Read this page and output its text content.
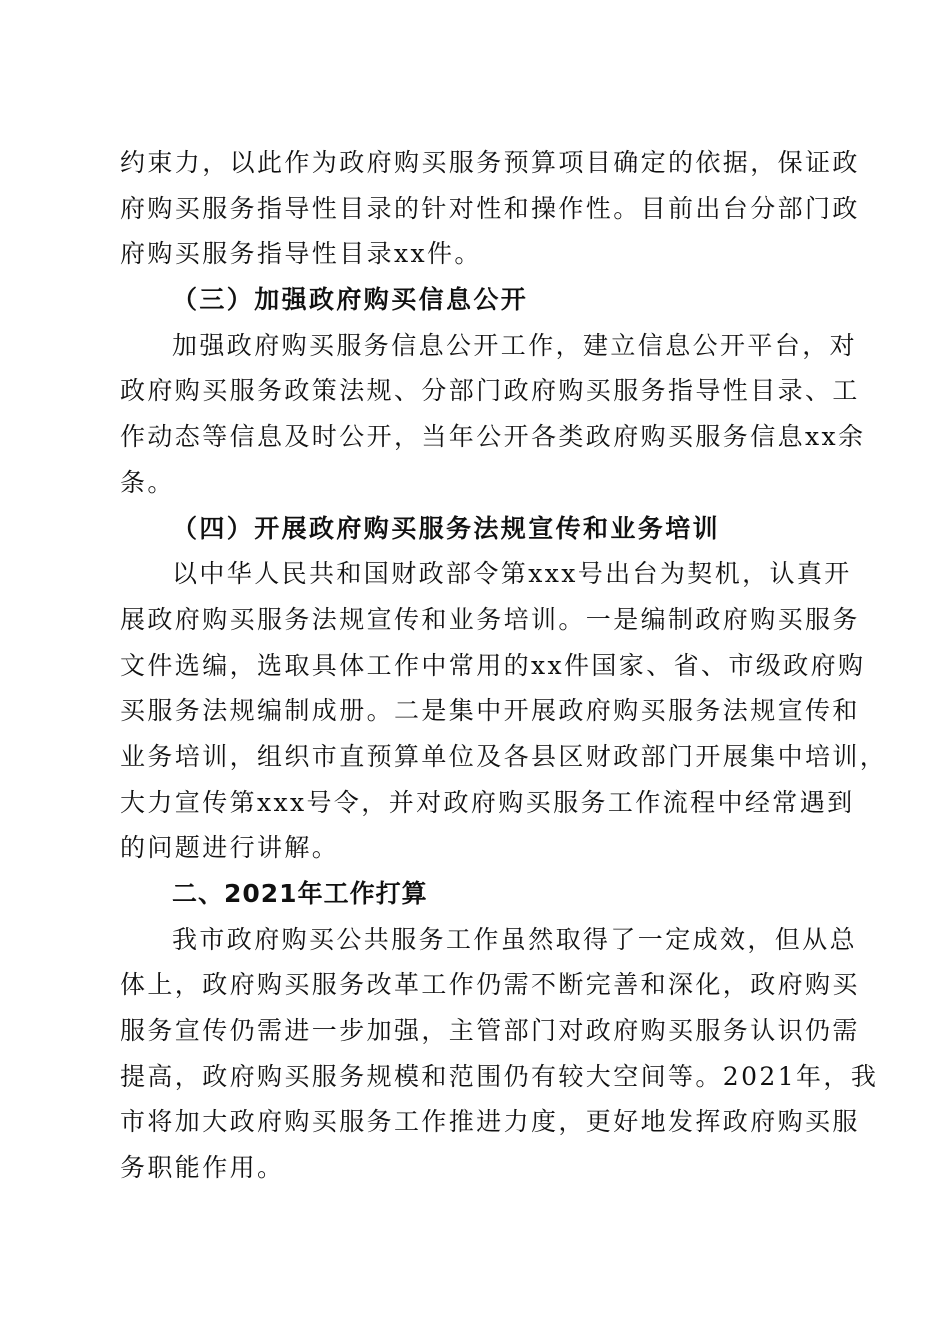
约束力，以此作为政府购买服务预算项目确定的依据，保证政
府购买服务指导性目录的针对性和操作性。目前出台分部门政
府购买服务指导性目录xx件。
（三）加强政府购买信息公开
加强政府购买服务信息公开工作，建立信息公开平台，对
政府购买服务政策法规、分部门政府购买服务指导性目录、工
作动态等信息及时公开，当年公开各类政府购买服务信息xx余
条。
（四）开展政府购买服务法规宣传和业务培训
以中华人民共和国财政部令第xxx号出台为契机，认真开
展政府购买服务法规宣传和业务培训。一是编制政府购买服务
文件选编，选取具体工作中常用的xx件国家、省、市级政府购
买服务法规编制成册。二是集中开展政府购买服务法规宣传和
业务培训，组织市直预算单位及各县区财政部门开展集中培训，
大力宣传第xxx号令，并对政府购买服务工作流程中经常遇到
的问题进行讲解。
二、2021年工作打算
我市政府购买公共服务工作虽然取得了一定成效，但从总
体上，政府购买服务改革工作仍需不断完善和深化，政府购买
服务宣传仍需进一步加强，主管部门对政府购买服务认识仍需
提高，政府购买服务规模和范围仍有较大空间等。2021年，我
市将加大政府购买服务工作推进力度，更好地发挥政府购买服
务职能作用。
